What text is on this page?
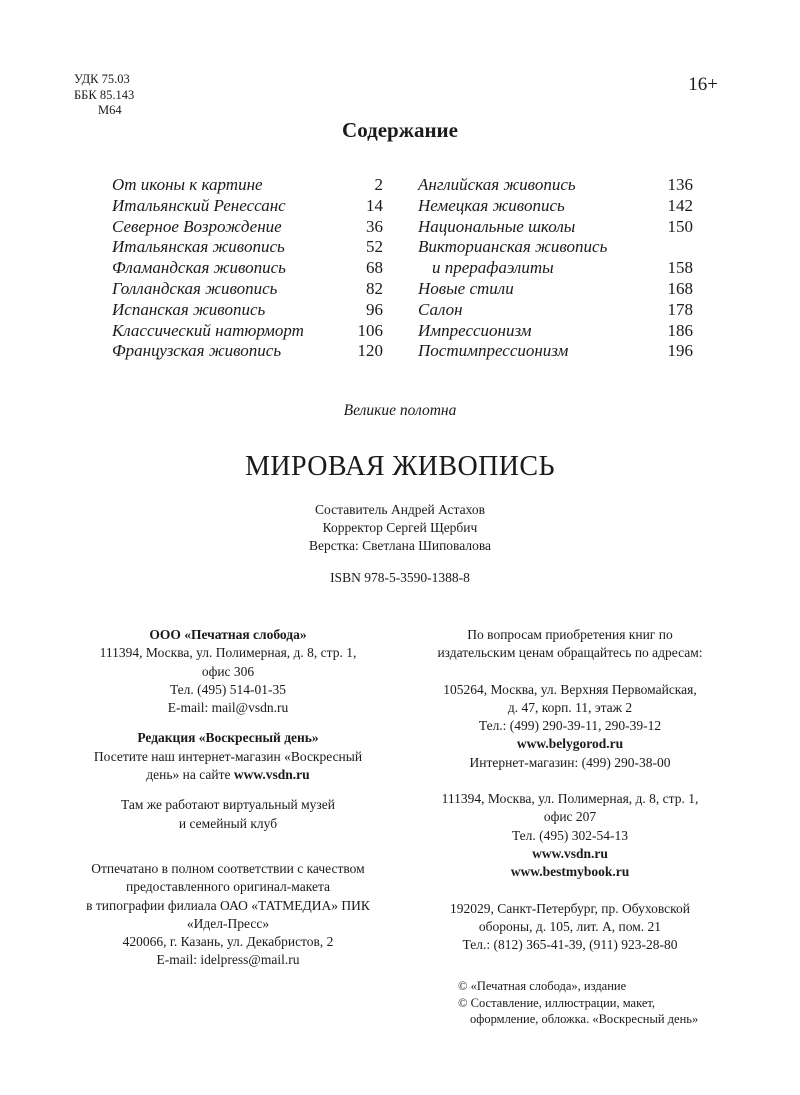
УДК 75.03
ББК 85.143
М64
16+
Содержание
От иконы к картине	2
Итальянский Ренессанс	14
Северное Возрождение	36
Итальянская живопись	52
Фламандская живопись	68
Голландская живопись	82
Испанская живопись	96
Классический натюрморт	106
Французская живопись	120
Английская живопись	136
Немецкая живопись	142
Национальные школы	150
Викторианская живопись
и прерафаэлиты	158
Новые стили	168
Салон	178
Импрессионизм	186
Постимпрессионизм	196
Великие полотна
МИРОВАЯ ЖИВОПИСЬ
Составитель Андрей Астахов
Корректор Сергей Щербич
Верстка: Светлана Шиповалова
ISBN 978-5-3590-1388-8
ООО «Печатная слобода»
111394, Москва, ул. Полимерная, д. 8, стр. 1,
офис 306
Тел. (495) 514-01-35
E-mail: mail@vsdn.ru
Редакция «Воскресный день»
Посетите наш интернет-магазин «Воскресный
день» на сайте www.vsdn.ru
Там же работают виртуальный музей
и семейный клуб
Отпечатано в полном соответствии с качеством
предоставленного оригинал-макета
в типографии филиала ОАО «ТАТМЕДИА» ПИК
«Идел-Пресс»
420066, г. Казань, ул. Декабристов, 2
E-mail: idelpress@mail.ru
По вопросам приобретения книг по
издательским ценам обращайтесь по адресам:
105264, Москва, ул. Верхняя Первомайская,
д. 47, корп. 11, этаж 2
Тел.: (499) 290-39-11, 290-39-12
www.belygorod.ru
Интернет-магазин: (499) 290-38-00
111394, Москва, ул. Полимерная, д. 8, стр. 1,
офис 207
Тел. (495) 302-54-13
www.vsdn.ru
www.bestmybook.ru
192029, Санкт-Петербург, пр. Обуховской
обороны, д. 105, лит. А, пом. 21
Тел.: (812) 365-41-39, (911) 923-28-80
© «Печатная слобода», издание
© Составление, иллюстрации, макет,
оформление, обложка. «Воскресный день»
